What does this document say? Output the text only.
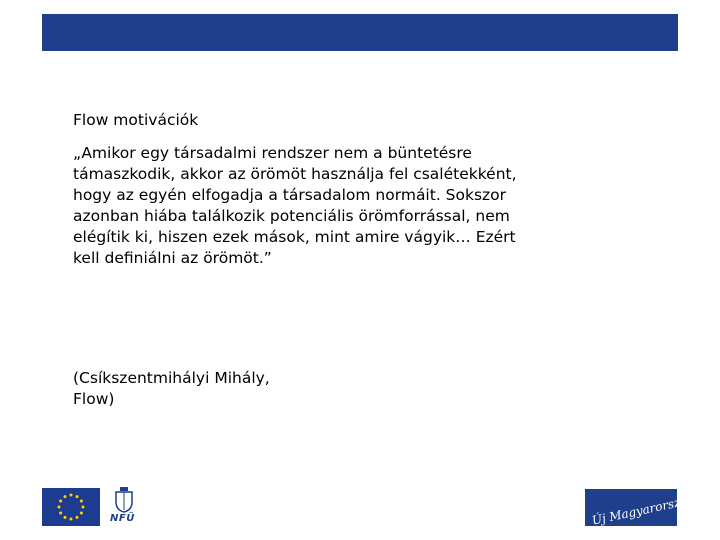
Flow motivációk

„Amikor egy társadalmi rendszer nem a büntetésre
támaszkodik, akkor az örömöt használja fel csalétekként,
hogy az egyén elfogadja a társadalom normáit. Sokszor
azonban hiába találkozik potenciális örömforrással, nem
elégítik ki, hiszen ezek mások, mint amire vágyik… Ezért
kell definiálni az örömöt.”

(Csíkszentmihályi Mihály,
Flow)

NFÜ	Új Magyarország
